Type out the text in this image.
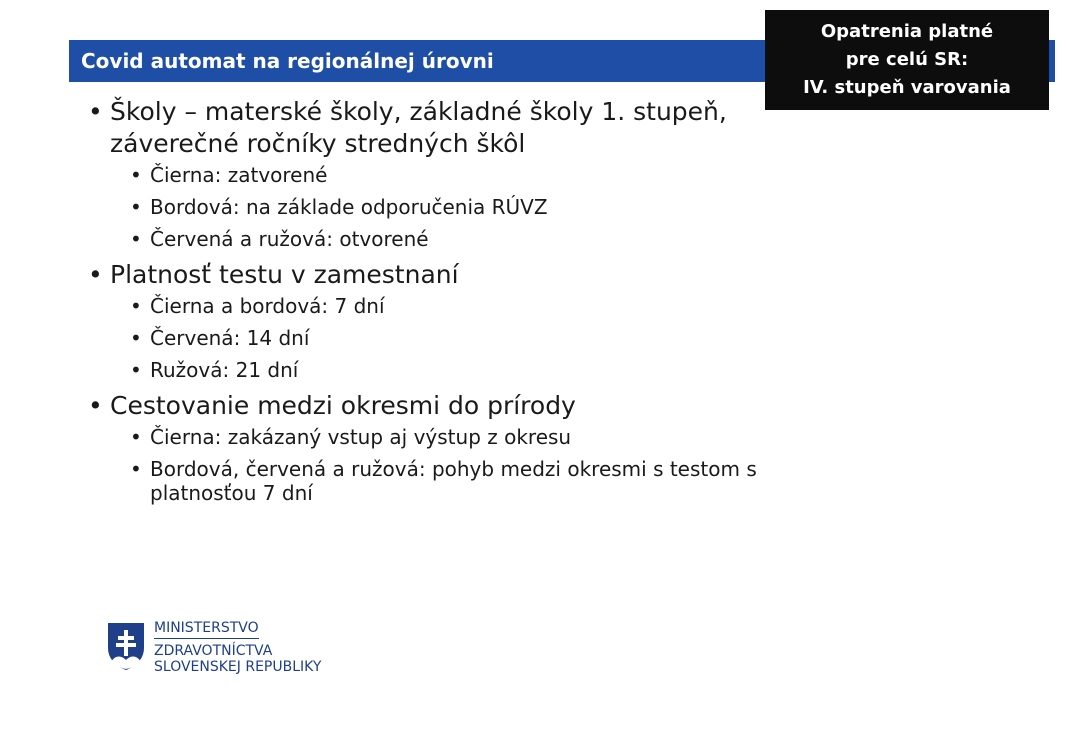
Covid automat na regionálnej úrovni
Opatrenia platné
pre celú SR:
IV. stupeň varovania
• Školy – materské školy, základné školy 1. stupeň, záverečné ročníky stredných škôl
• Čierna: zatvorené
• Bordová: na základe odporučenia RÚVZ
• Červená a ružová: otvorené
• Platnosť testu v zamestnaní
• Čierna a bordová: 7 dní
• Červená: 14 dní
• Ružová: 21 dní
• Cestovanie medzi okresmi do prírody
• Čierna: zakázaný vstup aj výstup z okresu
• Bordová, červená a ružová: pohyb medzi okresmi s testom s platnosťou 7 dní
MINISTERSTVO
ZDRAVOTNÍCTVA
SLOVENSKEJ REPUBLIKY
